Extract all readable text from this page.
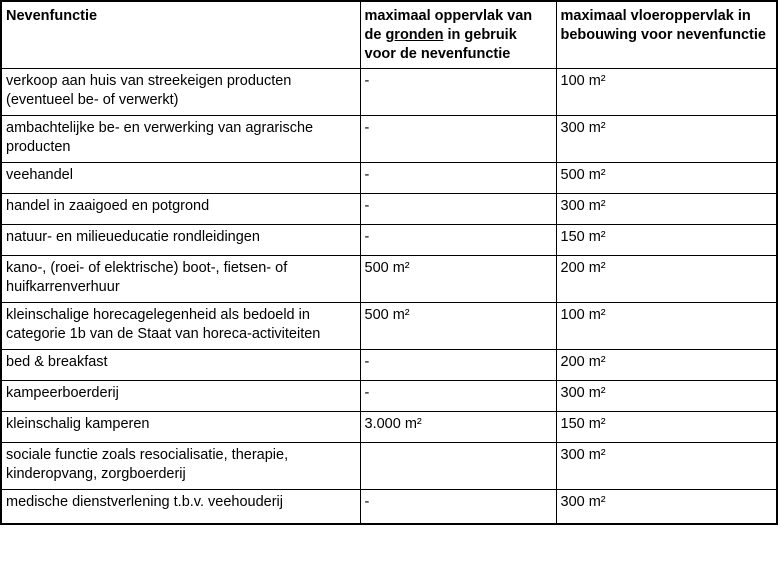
Nevenfunctie	maximaal oppervlak van de gronden in gebruik voor de nevenfunctie	maximaal vloeroppervlak in bebouwing voor nevenfunctie
verkoop aan huis van streekeigen producten (eventueel be- of verwerkt)	-	100 m²
ambachtelijke be- en verwerking van agrarische producten	-	300 m²
veehandel	-	500 m²
handel in zaaigoed en potgrond	-	300 m²
natuur- en milieueducatie rondleidingen	-	150 m²
kano-, (roei- of elektrische) boot-, fietsen- of huifkarrenverhuur	500 m²	200 m²
kleinschalige horecagelegenheid als bedoeld in categorie 1b van de Staat van horeca-activiteiten	500 m²	100 m²
bed & breakfast	-	200 m²
kampeerboerderij	-	300 m²
kleinschalig kamperen	3.000 m²	150 m²
sociale functie zoals resocialisatie, therapie, kinderopvang, zorgboerderij		300 m²
medische dienstverlening t.b.v. veehouderij	-	300 m²
